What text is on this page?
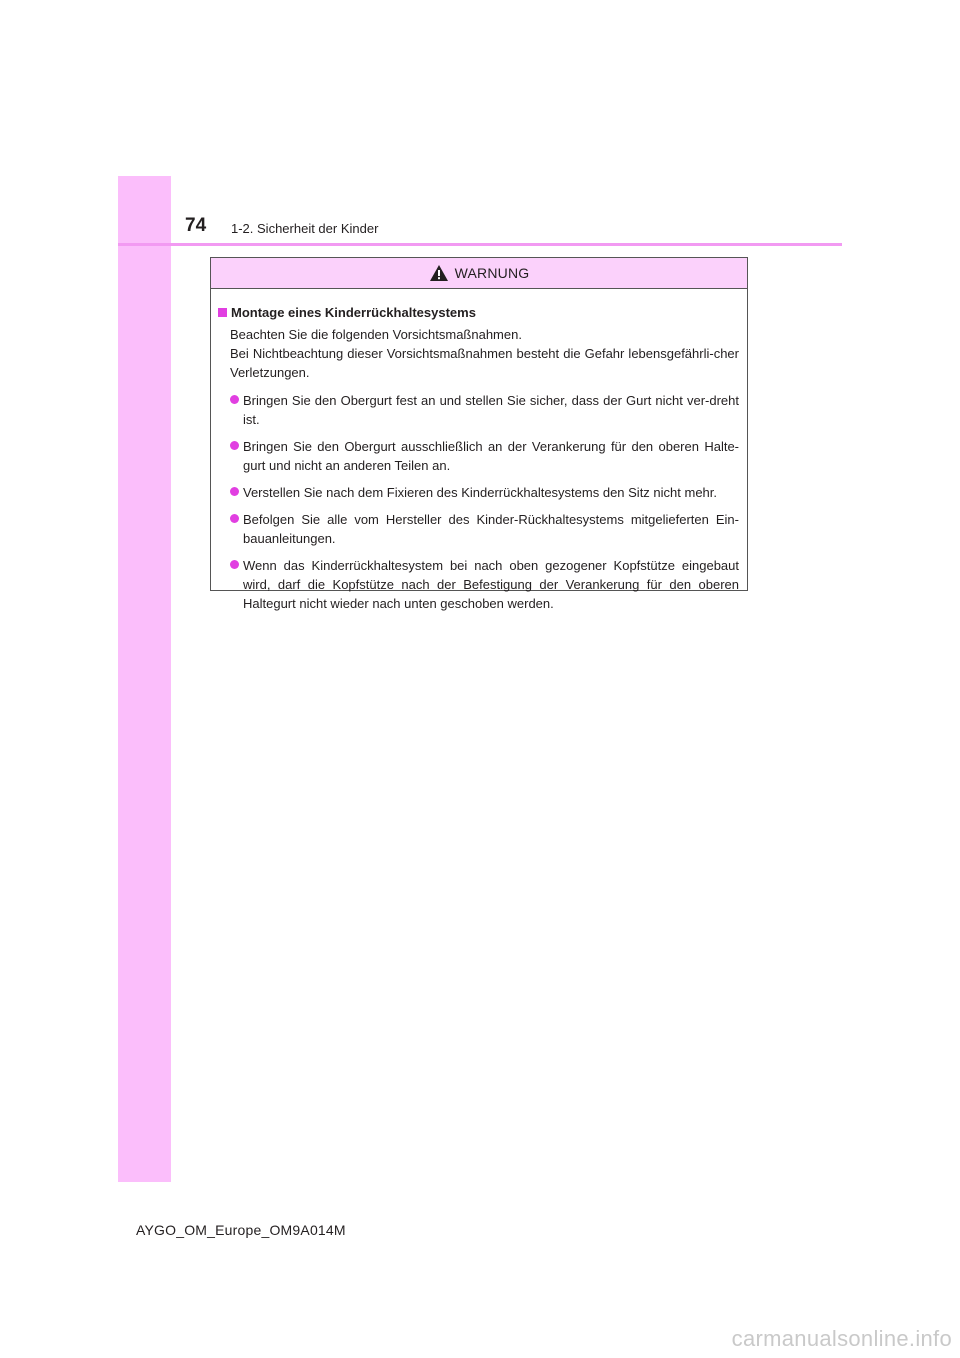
74 1-2. Sicherheit der Kinder
WARNUNG
Montage eines Kinderrückhaltesystems

Beachten Sie die folgenden Vorsichtsmaßnahmen.

Bei Nichtbeachtung dieser Vorsichtsmaßnahmen besteht die Gefahr lebensgefährli-cher Verletzungen.

Bringen Sie den Obergurt fest an und stellen Sie sicher, dass der Gurt nicht ver-dreht ist.
Bringen Sie den Obergurt ausschließlich an der Verankerung für den oberen Halte-gurt und nicht an anderen Teilen an.
Verstellen Sie nach dem Fixieren des Kinderrückhaltesystems den Sitz nicht mehr.
Befolgen Sie alle vom Hersteller des Kinder-Rückhaltesystems mitgelieferten Ein-bauanleitungen.
Wenn das Kinderrückhaltesystem bei nach oben gezogener Kopfstütze eingebaut wird, darf die Kopfstütze nach der Befestigung der Verankerung für den oberen Haltegurt nicht wieder nach unten geschoben werden.
AYGO_OM_Europe_OM9A014M
carmanualsonline.info
